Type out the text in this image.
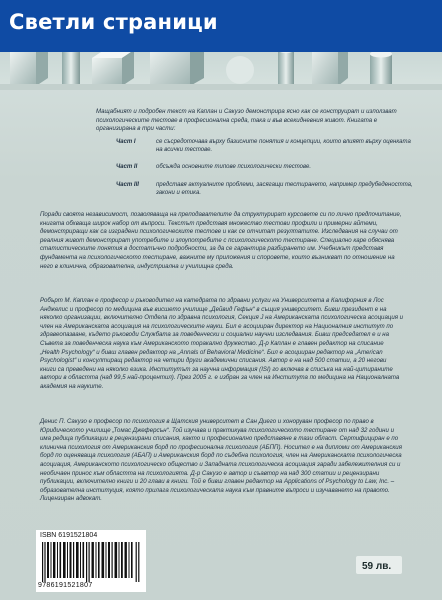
Светли страници
Мащабният и подробен текст на Каплан и Сакузо демонстрира ясно как се конструират и използват психологическите тестове в професионална среда, така и във всекидневния живот. Книгата е организирана в три части:
Част I	се съсредоточава върху базисните понятия и концепции, които влияят върху оценката на всички тестове.
Част II	обсъжда основните типове психологически тестове.
Част III	представя актуалните проблеми, засягащи тестирането, например предубедеността, закони и етика.
Поради своята независимост, позволяваща на преподавателите да структурират курсовете си по лично предпочитание, книгата обхваща широк набор от въпроси. Текстът представя множество тестови профили и примерни айтеми, демонстриращи как са изградени психологическите тестове и как се отчитат резултатите. Изследвания на случаи от реалния живот демонстрират употребите и злоупотребите с психологическото тестиране. Специално каре обяснява статистическите понятия в достатъчно подробности, за да се гарантира разбирането им. Учебникът представя фундамента на психологическото тестиране, важните му приложения и споровете, които възникват по отношение на него в клинична, образователна, индустриална и училищна среда.
Робърт М. Каплан е професор и ръководител на катедрата по здравни услуги на Университета в Калифорния в Лос Анджелис и професор по медицина във висшето училище „Дейвид Гефън“ в същия университет. Бивш президент е на няколко организации, включително Отдела по здравна психология, Секция J на Американската психологическа асоциация и член на Американската асоциация на психологическите науки. Бил е асоцииран директор на Националния институт по здравеопазване, където ръководи Службата за поведенчески и социални научни изследвания. Бивш председател е и на Съвета за поведенческа наука към Американското торакално дружество. Д-р Каплан е главен редактор на списание „Health Psychology“ и бивш главен редактор на „Annals of Behavioral Medicine“. Бил е асоцииран редактор на „American Psychologist“ и консултиращ редактор на четири други академични списания. Автор е на над 500 статии, а 20 негови книги са преведени на няколко езика. Институтът за научна информация (ISI) го включва в списъка на най-цитираните автори в областта (над 99,5 най-процентил). През 2005 г. е избран за член на Института по медицина на Националната академия на науките.
Денис П. Сакузо е професор по психология в Щатския университет в Сан Диего и хоноруван професор по право в Юридическото училище „Томас Джеферсън“. Той изучава и практикува психологическото тестиране от над 32 години и има редица публикации в рецензирани списания, както и професионално представяне в тази област. Сертифициран е по клинична психология от Американския борд по професионална психология (АБПП). Носител е на дипломи от Американския борд по оценяваща психология (АБАП) и Американския борд по съдебна психология, член на Американската психологическа асоциация, Американското психологическо общество и Западната психологическа асоциация заради забележителния си и необичаен принос към областта на психологията. Д-р Сакузо е автор и съавтор на над 300 статии и рецензирани публикации, включително книги и 20 глави в книги. Той е бивш главен редактор на Applications of Psychology to Law, Inc. – образователна институция, която прилага психологическата наука към правните въпроси и изучаването на правото. Лицензиран адвокат.
ISBN 6191521804
9786191521807
59 лв.
